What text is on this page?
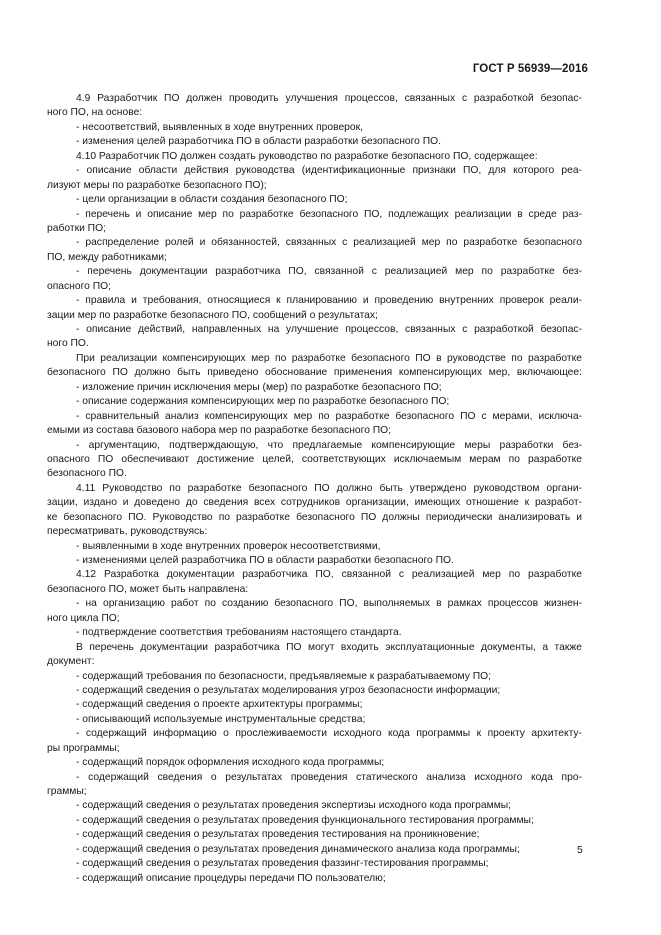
ГОСТ Р 56939—2016
4.9 Разработчик ПО должен проводить улучшения процессов, связанных с разработкой безопас-
ного ПО, на основе:
- несоответствий, выявленных в ходе внутренних проверок,
- изменения целей разработчика ПО в области разработки безопасного ПО.
4.10 Разработчик ПО должен создать руководство по разработке безопасного ПО, содержащее:
- описание области действия руководства (идентификационные признаки ПО, для которого реа-
лизуют меры по разработке безопасного ПО);
- цели организации в области создания безопасного ПО;
- перечень и описание мер по разработке безопасного ПО, подлежащих реализации в среде раз-
работки ПО;
- распределение ролей и обязанностей, связанных с реализацией мер по разработке безопасного
ПО, между работниками;
- перечень документации разработчика ПО, связанной с реализацией мер по разработке без-
опасного ПО;
- правила и требования, относящиеся к планированию и проведению внутренних проверок реали-
зации мер по разработке безопасного ПО, сообщений о результатах;
- описание действий, направленных на улучшение процессов, связанных с разработкой безопас-
ного ПО.
При реализации компенсирующих мер по разработке безопасного ПО в руководстве по разработке
безопасного ПО должно быть приведено обоснование применения компенсирующих мер, включающее:
- изложение причин исключения меры (мер) по разработке безопасного ПО;
- описание содержания компенсирующих мер по разработке безопасного ПО;
- сравнительный анализ компенсирующих мер по разработке безопасного ПО с мерами, исключа-
емыми из состава базового набора мер по разработке безопасного ПО;
- аргументацию, подтверждающую, что предлагаемые компенсирующие меры разработки без-
опасного ПО обеспечивают достижение целей, соответствующих исключаемым мерам по разработке
безопасного ПО.
4.11 Руководство по разработке безопасного ПО должно быть утверждено руководством органи-
зации, издано и доведено до сведения всех сотрудников организации, имеющих отношение к разработ-
ке безопасного ПО. Руководство по разработке безопасного ПО должны периодически анализировать и
пересматривать, руководствуясь:
- выявленными в ходе внутренних проверок несоответствиями,
- изменениями целей разработчика ПО в области разработки безопасного ПО.
4.12 Разработка документации разработчика ПО, связанной с реализацией мер по разработке
безопасного ПО, может быть направлена:
- на организацию работ по созданию безопасного ПО, выполняемых в рамках процессов жизнен-
ного цикла ПО;
- подтверждение соответствия требованиям настоящего стандарта.
В перечень документации разработчика ПО могут входить эксплуатационные документы, а также
документ:
- содержащий требования по безопасности, предъявляемые к разрабатываемому ПО;
- содержащий сведения о результатах моделирования угроз безопасности информации;
- содержащий сведения о проекте архитектуры программы;
- описывающий используемые инструментальные средства;
- содержащий информацию о прослеживаемости исходного кода программы к проекту архитекту-
ры программы;
- содержащий порядок оформления исходного кода программы;
- содержащий сведения о результатах проведения статического анализа исходного кода про-
граммы;
- содержащий сведения о результатах проведения экспертизы исходного кода программы;
- содержащий сведения о результатах проведения функционального тестирования программы;
- содержащий сведения о результатах проведения тестирования на проникновение;
- содержащий сведения о результатах проведения динамического анализа кода программы;
- содержащий сведения о результатах проведения фаззинг-тестирования программы;
- содержащий описание процедуры передачи ПО пользователю;
5
